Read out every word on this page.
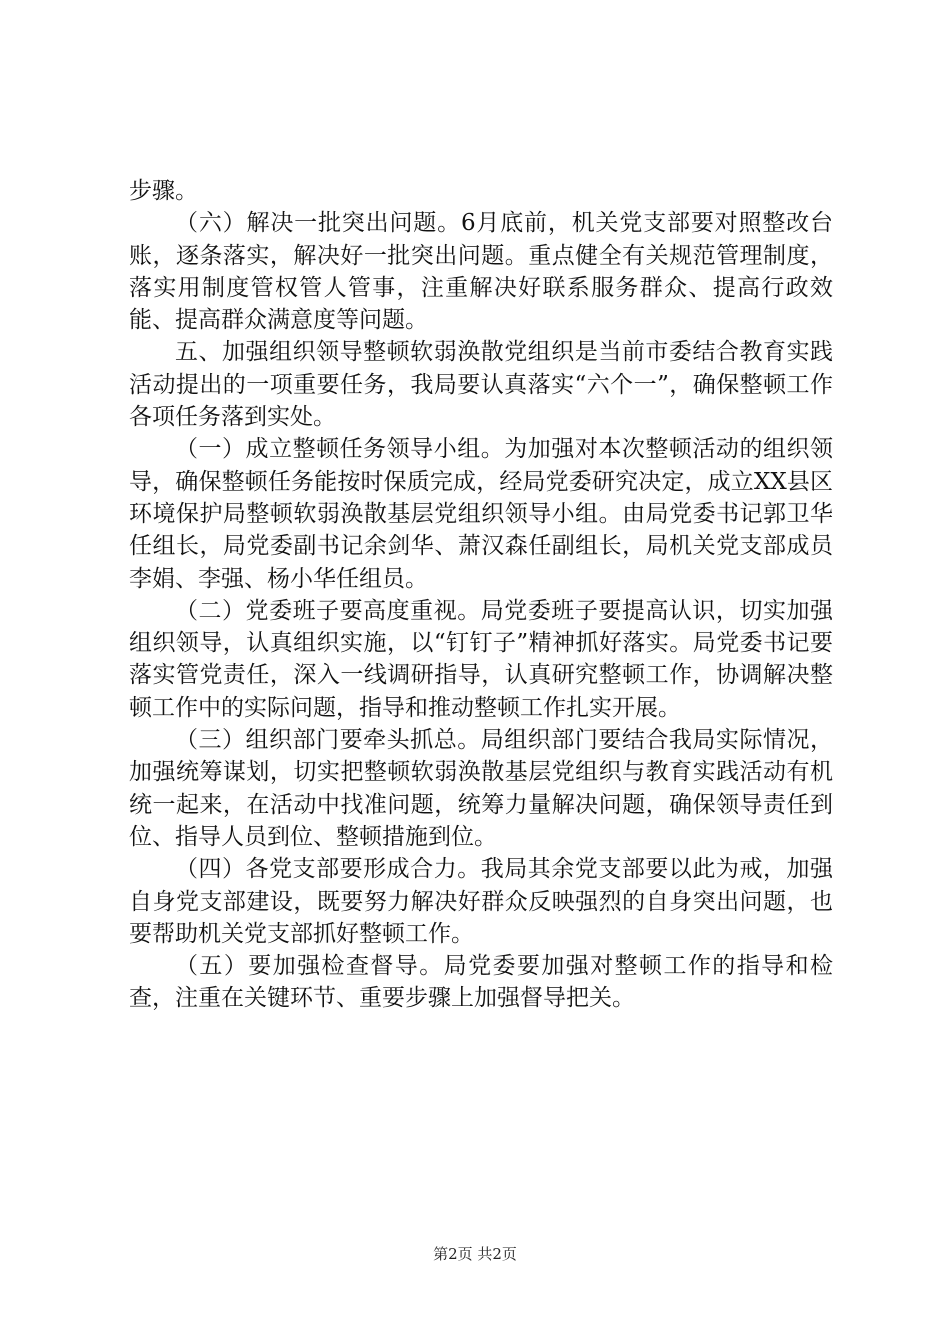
步骤。

（六）解决一批突出问题。6月底前，机关党支部要对照整改台账，逐条落实，解决好一批突出问题。重点健全有关规范管理制度，落实用制度管权管人管事，注重解决好联系服务群众、提高行政效能、提高群众满意度等问题。

五、加强组织领导整顿软弱涣散党组织是当前市委结合教育实践活动提出的一项重要任务，我局要认真落实“六个一”，确保整顿工作各项任务落到实处。

（一）成立整顿任务领导小组。为加强对本次整顿活动的组织领导，确保整顿任务能按时保质完成，经局党委研究决定，成立XX县区环境保护局整顿软弱涣散基层党组织领导小组。由局党委书记郭卫华任组长，局党委副书记余剑华、萧汉森任副组长，局机关党支部成员李娟、李强、杨小华任组员。

（二）党委班子要高度重视。局党委班子要提高认识，切实加强组织领导，认真组织实施，以“钉钉子”精神抓好落实。局党委书记要落实管党责任，深入一线调研指导，认真研究整顿工作，协调解决整顿工作中的实际问题，指导和推动整顿工作扎实开展。

（三）组织部门要牵头抓总。局组织部门要结合我局实际情况，加强统筹谋划，切实把整顿软弱涣散基层党组织与教育实践活动有机统一起来，在活动中找准问题，统筹力量解决问题，确保领导责任到位、指导人员到位、整顿措施到位。

（四）各党支部要形成合力。我局其余党支部要以此为戒，加强自身党支部建设，既要努力解决好群众反映强烈的自身突出问题，也要帮助机关党支部抓好整顿工作。

（五）要加强检查督导。局党委要加强对整顿工作的指导和检查，注重在关键环节、重要步骤上加强督导把关。

第2页 共2页
